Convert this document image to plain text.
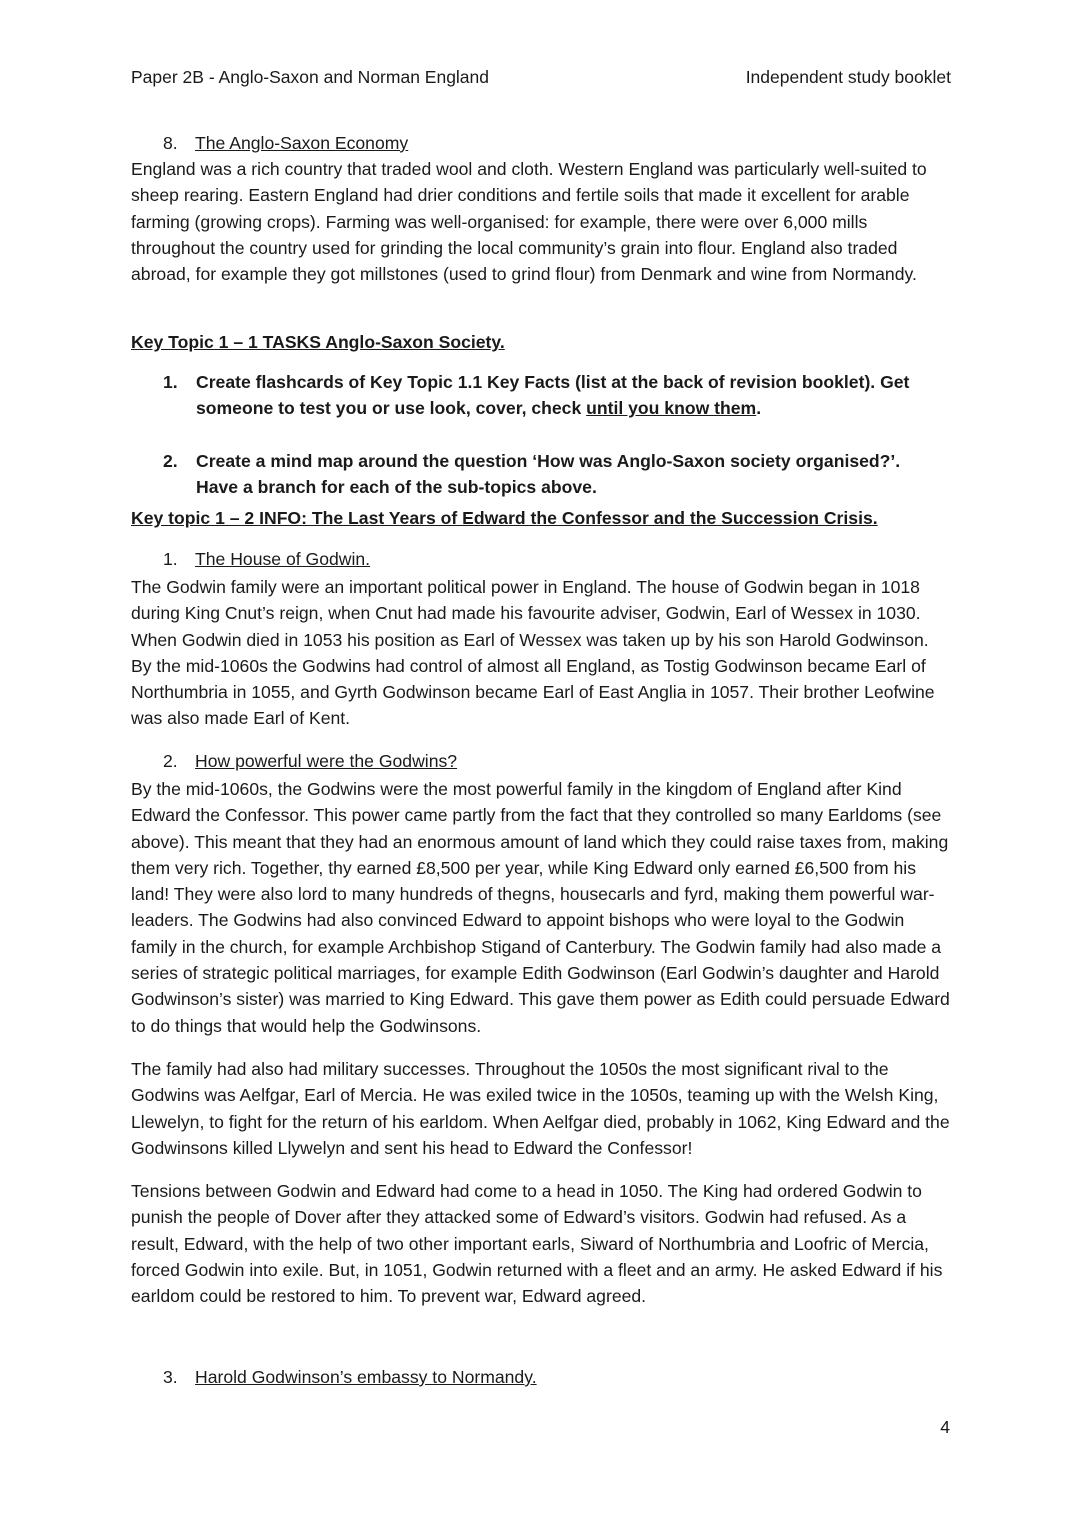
Paper 2B - Anglo-Saxon and Norman England	Independent study booklet
8. The Anglo-Saxon Economy

England was a rich country that traded wool and cloth. Western England was particularly well-suited to sheep rearing. Eastern England had drier conditions and fertile soils that made it excellent for arable farming (growing crops). Farming was well-organised: for example, there were over 6,000 mills throughout the country used for grinding the local community’s grain into flour. England also traded abroad, for example they got millstones (used to grind flour) from Denmark and wine from Normandy.

Key Topic 1 – 1 TASKS Anglo-Saxon Society.
1. Create flashcards of Key Topic 1.1 Key Facts (list at the back of revision booklet). Get someone to test you or use look, cover, check until you know them.
2. Create a mind map around the question ‘How was Anglo-Saxon society organised?’. Have a branch for each of the sub-topics above.
Key topic 1 – 2 INFO: The Last Years of Edward the Confessor and the Succession Crisis.
1. The House of Godwin.

The Godwin family were an important political power in England. The house of Godwin began in 1018 during King Cnut’s reign, when Cnut had made his favourite adviser, Godwin, Earl of Wessex in 1030. When Godwin died in 1053 his position as Earl of Wessex was taken up by his son Harold Godwinson. By the mid-1060s the Godwins had control of almost all England, as Tostig Godwinson became Earl of Northumbria in 1055, and Gyrth Godwinson became Earl of East Anglia in 1057. Their brother Leofwine was also made Earl of Kent.

2. How powerful were the Godwins?

By the mid-1060s, the Godwins were the most powerful family in the kingdom of England after Kind Edward the Confessor. This power came partly from the fact that they controlled so many Earldoms (see above). This meant that they had an enormous amount of land which they could raise taxes from, making them very rich. Together, thy earned £8,500 per year, while King Edward only earned £6,500 from his land! They were also lord to many hundreds of thegns, housecarls and fyrd, making them powerful war-leaders. The Godwins had also convinced Edward to appoint bishops who were loyal to the Godwin family in the church, for example Archbishop Stigand of Canterbury. The Godwin family had also made a series of strategic political marriages, for example Edith Godwinson (Earl Godwin’s daughter and Harold Godwinson’s sister) was married to King Edward. This gave them power as Edith could persuade Edward to do things that would help the Godwinsons.

The family had also had military successes. Throughout the 1050s the most significant rival to the Godwins was Aelfgar, Earl of Mercia. He was exiled twice in the 1050s, teaming up with the Welsh King, Llewelyn, to fight for the return of his earldom. When Aelfgar died, probably in 1062, King Edward and the Godwinsons killed Llywelyn and sent his head to Edward the Confessor!

Tensions between Godwin and Edward had come to a head in 1050. The King had ordered Godwin to punish the people of Dover after they attacked some of Edward’s visitors. Godwin had refused. As a result, Edward, with the help of two other important earls, Siward of Northumbria and Loofric of Mercia, forced Godwin into exile. But, in 1051, Godwin returned with a fleet and an army. He asked Edward if his earldom could be restored to him. To prevent war, Edward agreed.

3. Harold Godwinson’s embassy to Normandy.
4
